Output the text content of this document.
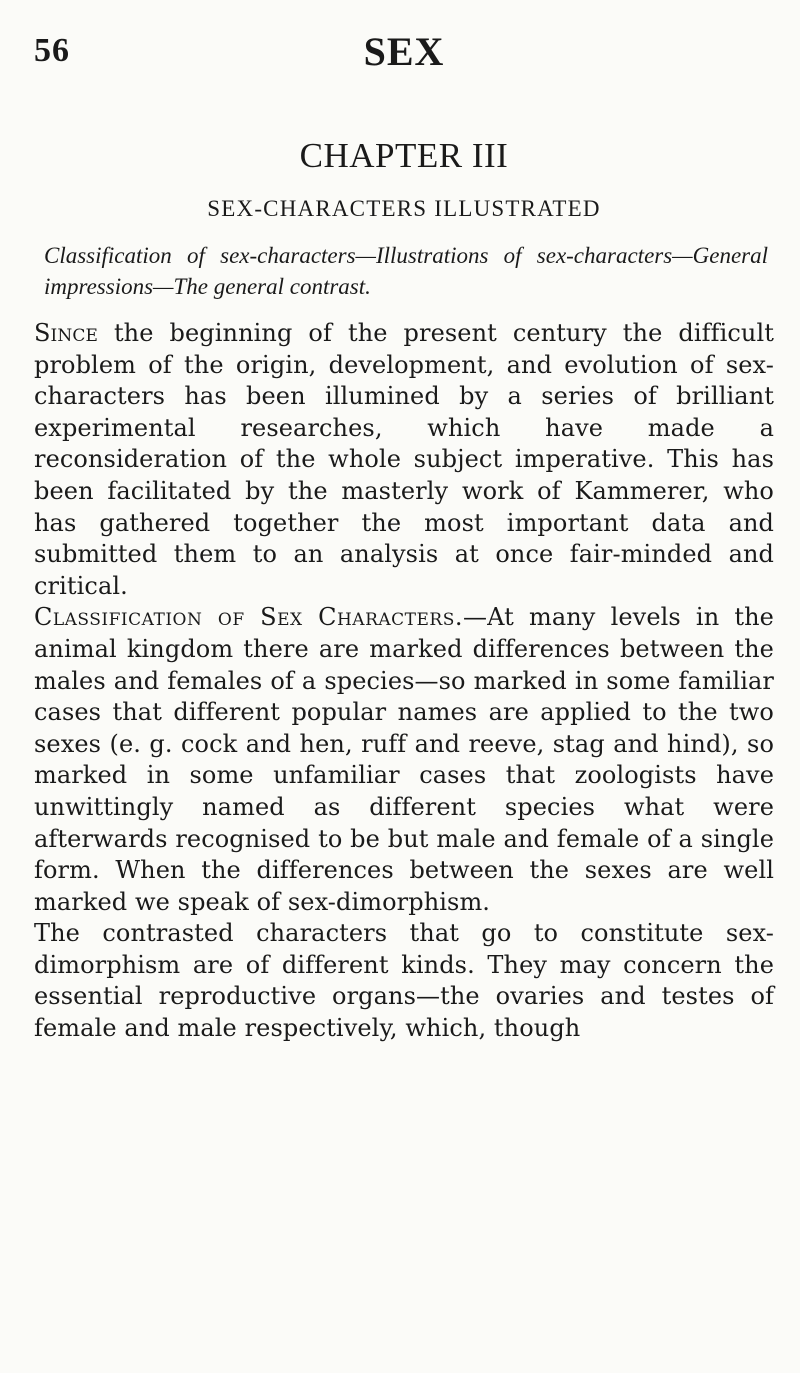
56	SEX
CHAPTER III
SEX-CHARACTERS ILLUSTRATED
Classification of sex-characters—Illustrations of sex-characters—General impressions—The general contrast.

Since the beginning of the present century the difficult problem of the origin, development, and evolution of sex-characters has been illumined by a series of brilliant experimental researches, which have made a reconsideration of the whole subject imperative. This has been facilitated by the masterly work of Kammerer, who has gathered together the most important data and submitted them to an analysis at once fair-minded and critical.

Classification of Sex Characters.—At many levels in the animal kingdom there are marked differences between the males and females of a species—so marked in some familiar cases that different popular names are applied to the two sexes (e. g. cock and hen, ruff and reeve, stag and hind), so marked in some unfamiliar cases that zoologists have unwittingly named as different species what were afterwards recognised to be but male and female of a single form. When the differences between the sexes are well marked we speak of sex-dimorphism.

The contrasted characters that go to constitute sex-dimorphism are of different kinds. They may concern the essential reproductive organs—the ovaries and testes of female and male respectively, which, though
